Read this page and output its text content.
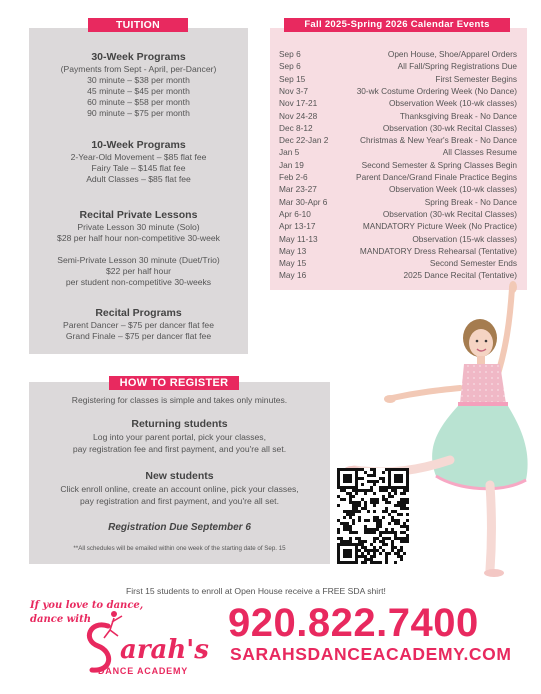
30-Week Programs
(Payments from Sept - April, per-Dancer)
30 minute – $38 per month
45 minute – $45 per month
60 minute – $58 per month
90 minute – $75 per month
10-Week Programs
2-Year-Old Movement – $85 flat fee
Fairy Tale – $145 flat fee
Adult Classes – $85 flat fee
Recital Private Lessons
Private Lesson 30 minute (Solo)
$28 per half hour non-competitive 30-week
Semi-Private Lesson 30 minute (Duet/Trio)
$22 per half hour
per student non-competitive 30-weeks
Recital Programs
Parent Dancer – $75 per dancer flat fee
Grand Finale – $75 per dancer flat fee
TUITION
Sep 6	Open House, Shoe/Apparel Orders
Sep 6	All Fall/Spring Registrations Due
Sep 15	First Semester Begins
Nov 3-7	30-wk Costume Ordering Week (No Dance)
Nov 17-21	Observation Week (10-wk classes)
Nov 24-28	Thanksgiving Break - No Dance
Dec 8-12	Observation (30-wk Recital Classes)
Dec 22-Jan 2	Christmas & New Year's Break - No Dance
Jan 5	All Classes Resume
Jan 19	Second Semester & Spring Classes Begin
Feb 2-6	Parent Dance/Grand Finale Practice Begins
Mar 23-27	Observation Week (10-wk classes)
Mar 30-Apr 6	Spring Break - No Dance
Apr 6-10	Observation (30-wk Recital Classes)
Apr 13-17	MANDATORY Picture Week (No Practice)
May 11-13	Observation (15-wk classes)
May 13	MANDATORY Dress Rehearsal (Tentative)
May 15	Second Semester Ends
May 16	2025 Dance Recital (Tentative)
Fall 2025-Spring 2026 Calendar Events
Registering for classes is simple and takes only minutes.
Returning students
Log into your parent portal, pick your classes,
pay registration fee and first payment, and you're all set.
New students
Click enroll online, create an account online, pick your classes,
pay registration and first payment, and you're all set.
Registration Due September 6
**All schedules will be emailed within one week of the starting date of Sep. 15
HOW TO REGISTER
First 15 students to enroll at Open House receive a FREE SDA shirt!
If you love to dance,
dance with
arah's
DANCE ACADEMY
920.822.7400
SARAHSDANCEACADEMY.COM
